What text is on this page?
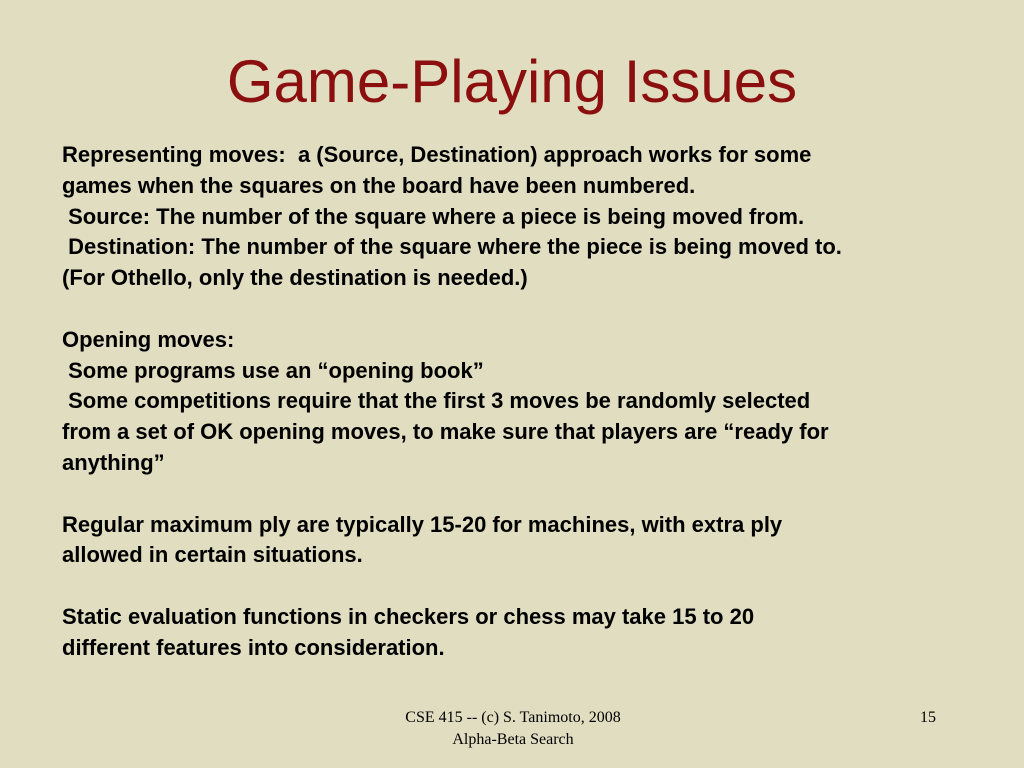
Game-Playing Issues
Representing moves:  a (Source, Destination) approach works for some
games when the squares on the board have been numbered.
Source: The number of the square where a piece is being moved from.
Destination: The number of the square where the piece is being moved to.
(For Othello, only the destination is needed.)
Opening moves:
Some programs use an “opening book”
Some competitions require that the first 3 moves be randomly selected
from a set of OK opening moves, to make sure that players are “ready for
anything”
Regular maximum ply are typically 15-20 for machines, with extra ply
allowed in certain situations.
Static evaluation functions in checkers or chess may take 15 to 20
different features into consideration.
CSE 415 -- (c) S. Tanimoto, 2008
Alpha-Beta Search
15
